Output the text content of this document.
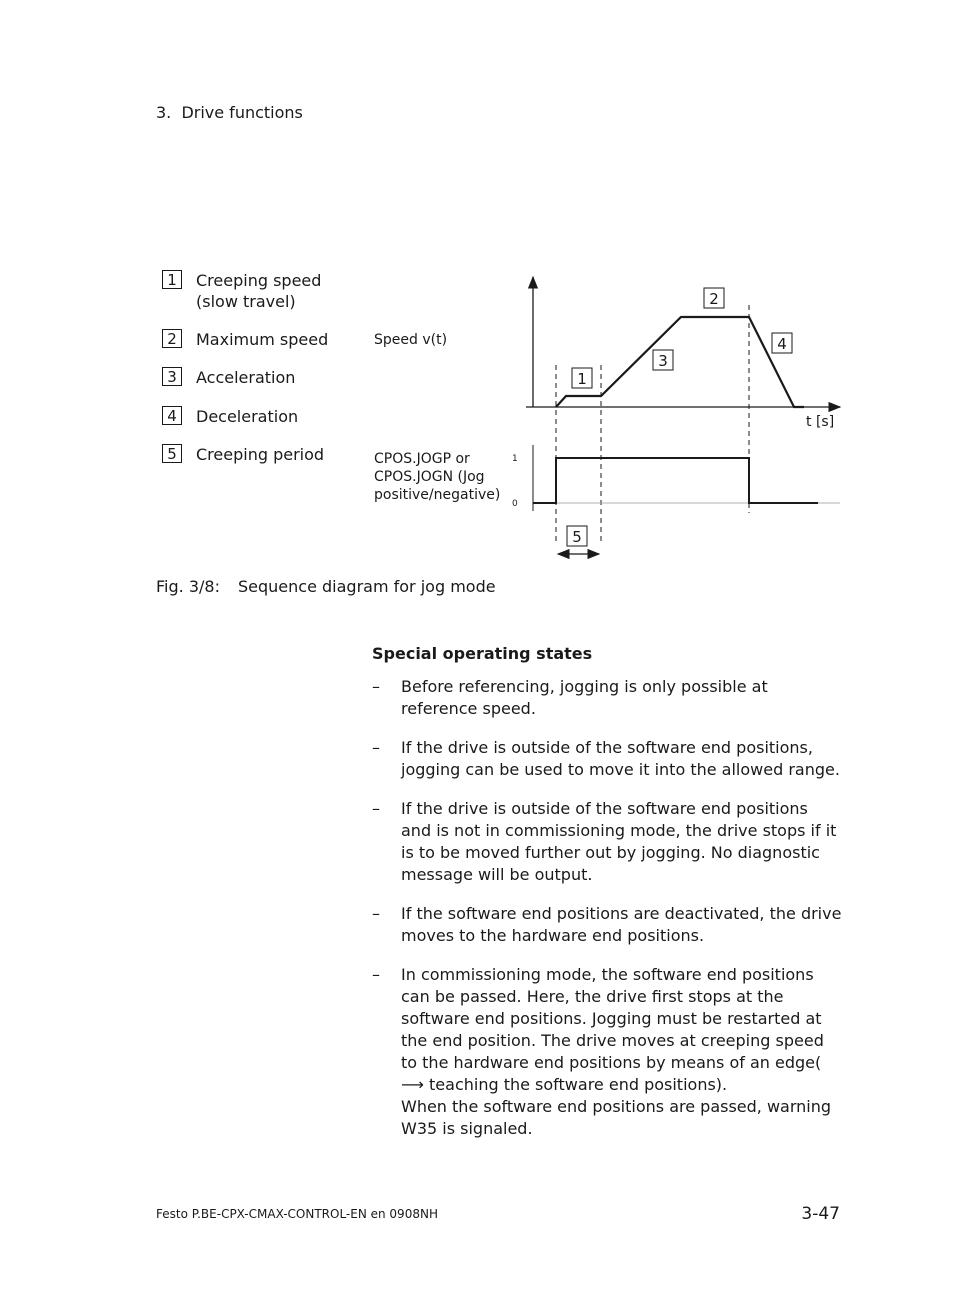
3. Drive functions
1	Creeping speed (slow travel)
2	Maximum speed
3	Acceleration
4	Deceleration
5	Creeping period
Speed v(t)
CPOS.JOGP or CPOS.JOGN (Jog positive/negative)
t [s]
1
0
1
2
3
4
5
Fig. 3/8: Sequence diagram for jog mode
Special operating states
– Before referencing, jogging is only possible at reference speed.
– If the drive is outside of the software end positions, jogging can be used to move it into the allowed range.
– If the drive is outside of the software end positions and is not in commissioning mode, the drive stops if it is to be moved further out by jogging. No diagnostic message will be output.
– If the software end positions are deactivated, the drive moves to the hardware end positions.
– In commissioning mode, the software end positions can be passed. Here, the drive first stops at the software end positions. Jogging must be restarted at the end position. The drive moves at creeping speed to the hardware end positions by means of an edge( ⟶ teaching the software end positions).
When the software end positions are passed, warning W35 is signaled.
Festo P.BE-CPX-CMAX-CONTROL-EN en 0908NH	3-47
